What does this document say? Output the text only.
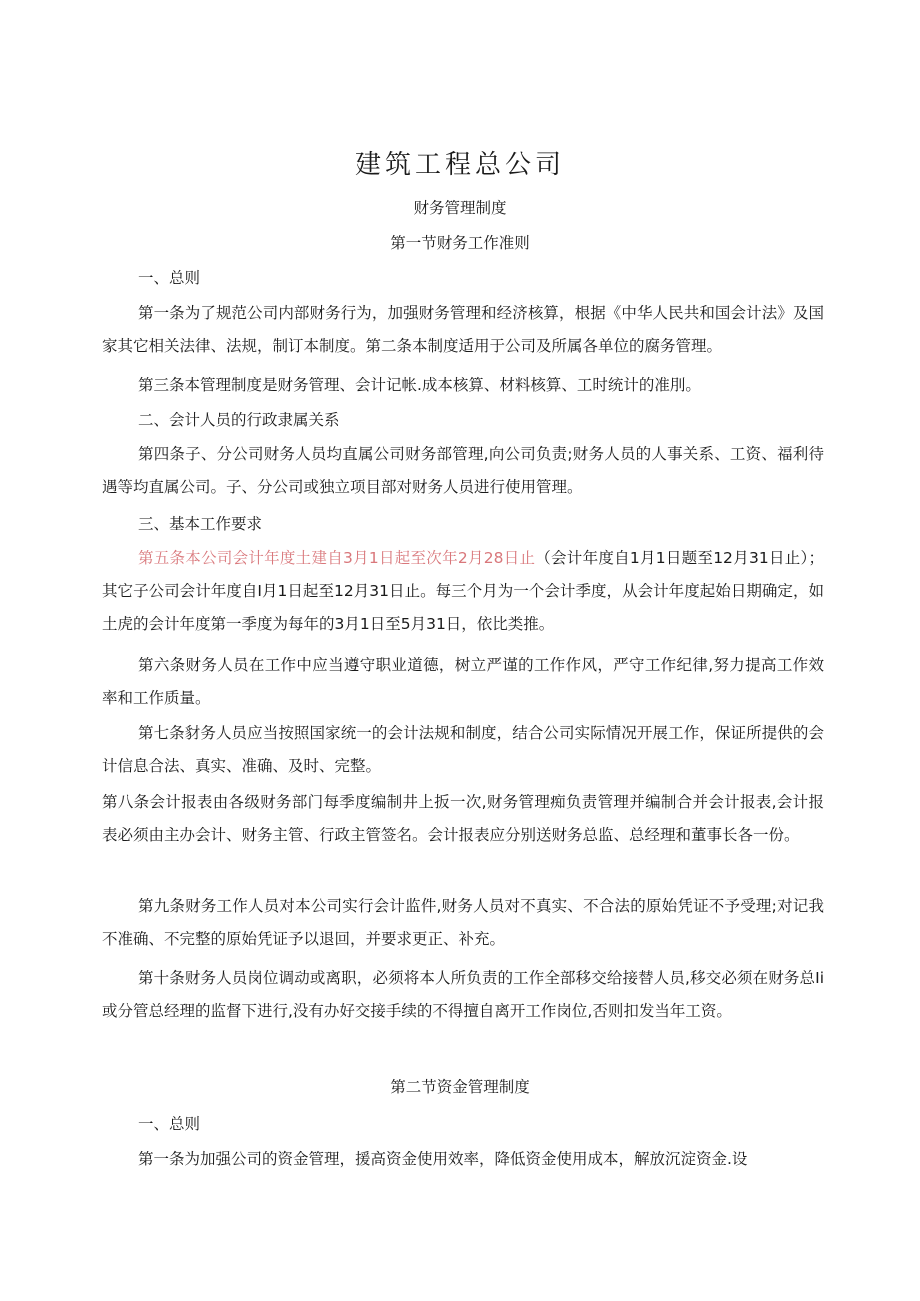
建筑工程总公司
财务管理制度
第一节财务工作准则
一、总则
第一条为了规范公司内部财务行为，加强财务管理和经济核算，根据《中华人民共和国会计法》及国家其它相关法律、法规，制订本制度。第二条本制度适用于公司及所属各单位的腐务管理。
第三条本管理制度是财务管理、会计记帐.成本核算、材料核算、工时统计的准刖。
二、会计人员的行政隶属关系
第四条子、分公司财务人员均直属公司财务部管理,向公司负责;财务人员的人事关系、工资、福利待遇等均直属公司。子、分公司或独立项目部对财务人员进行使用管理。
三、基本工作要求
第五条本公司会计年度土建自3月1日起至次年2月28日止（会计年度自1月1日题至12月31日止）；其它子公司会计年度自I月1日起至12月31日止。每三个月为一个会计季度，从会计年度起始日期确定，如土虎的会计年度第一季度为每年的3月1日至5月31日，依比类推。
第六条财务人员在工作中应当遵守职业道德，树立严谨的工作作风，严守工作纪律,努力提高工作效率和工作质量。
第七条豺务人员应当按照国家统一的会计法规和制度，结合公司实际情况开展工作，保证所提供的会计信息合法、真实、准确、及时、完整。
第八条会计报表由各级财务部门每季度编制井上扳一次,财务管理痴负责管理并编制合并会计报表,会计报表必须由主办会计、财务主管、行政主管签名。会计报表应分别送财务总监、总经理和董事长各一份。
第九条财务工作人员对本公司实行会计监件,财务人员对不真实、不合法的原始凭证不予受理;对记我不准确、不完整的原始凭证予以退回，并要求更正、补充。
第十条财务人员岗位调动或离职，必须将本人所负责的工作全部移交给接替人员,移交必须在财务总Ii或分管总经理的监督下进行,没有办好交接手续的不得擅自离开工作岗位,否则扣发当年工资。
第二节资金管理制度
一、总则
第一条为加强公司的资金管理，援高资金使用效率，降低资金使用成本，解放沉淀资金.设
